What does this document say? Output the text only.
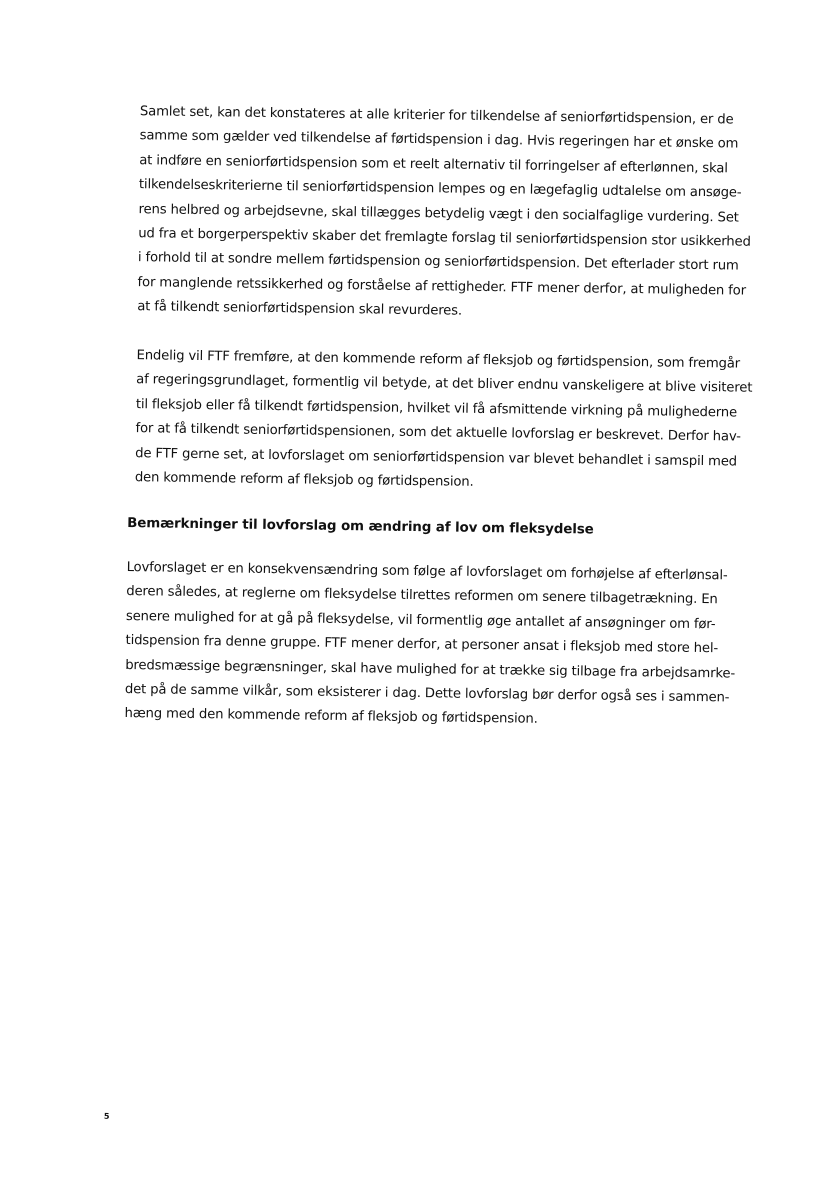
Samlet set, kan det konstateres at alle kriterier for tilkendelse af seniorførtidspension, er de
samme som gælder ved tilkendelse af førtidspension i dag. Hvis regeringen har et ønske om
at indføre en seniorførtidspension som et reelt alternativ til forringelser af efterlønnen, skal
tilkendelseskriterierne til seniorførtidspension lempes og en lægefaglig udtalelse om ansøge-
rens helbred og arbejdsevne, skal tillægges betydelig vægt i den socialfaglige vurdering. Set
ud fra et borgerperspektiv skaber det fremlagte forslag til seniorførtidspension stor usikkerhed
i forhold til at sondre mellem førtidspension og seniorførtidspension. Det efterlader stort rum
for manglende retssikkerhed og forståelse af rettigheder. FTF mener derfor, at muligheden for
at få tilkendt seniorførtidspension skal revurderes.
Endelig vil FTF fremføre, at den kommende reform af fleksjob og førtidspension, som fremgår
af regeringsgrundlaget, formentlig vil betyde, at det bliver endnu vanskeligere at blive visiteret
til fleksjob eller få tilkendt førtidspension, hvilket vil få afsmittende virkning på mulighederne
for at få tilkendt seniorførtidspensionen, som det aktuelle lovforslag er beskrevet. Derfor hav-
de FTF gerne set, at lovforslaget om seniorførtidspension var blevet behandlet i samspil med
den kommende reform af fleksjob og førtidspension.
Bemærkninger til lovforslag om ændring af lov om fleksydelse
Lovforslaget er en konsekvensændring som følge af lovforslaget om forhøjelse af efterlønsal-
deren således, at reglerne om fleksydelse tilrettes reformen om senere tilbagetrækning. En
senere mulighed for at gå på fleksydelse, vil formentlig øge antallet af ansøgninger om før-
tidspension fra denne gruppe. FTF mener derfor, at personer ansat i fleksjob med store hel-
bredsmæssige begrænsninger, skal have mulighed for at trække sig tilbage fra arbejdsamrke-
det på de samme vilkår, som eksisterer i dag. Dette lovforslag bør derfor også ses i sammen-
hæng med den kommende reform af fleksjob og førtidspension.
5
